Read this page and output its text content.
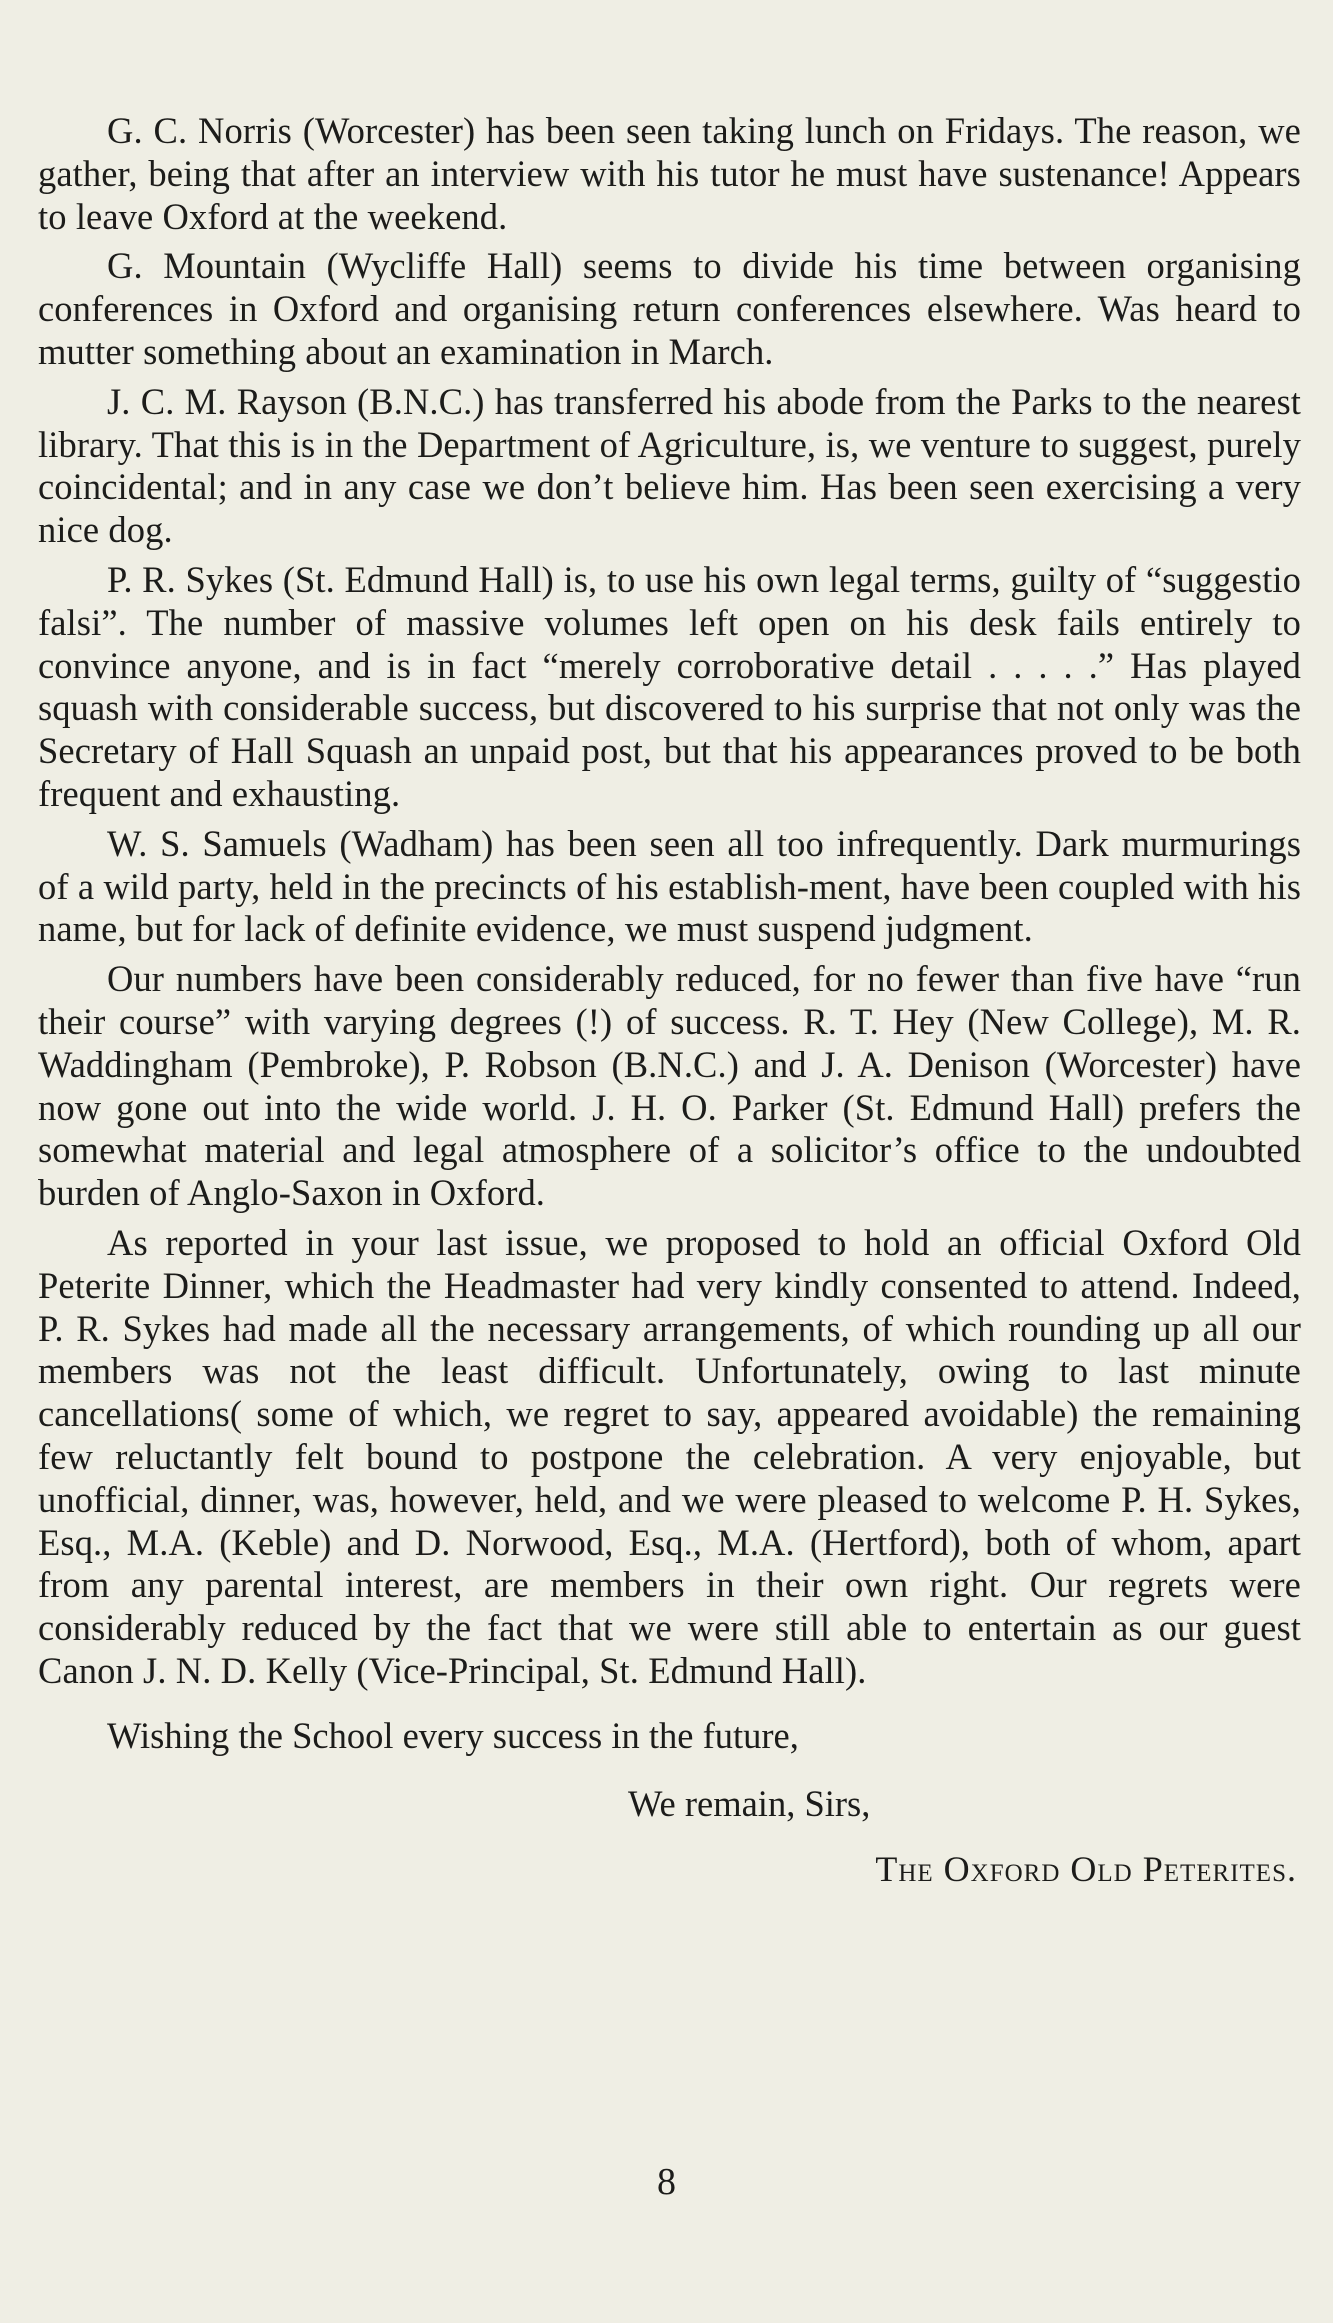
G. C. Norris (Worcester) has been seen taking lunch on Fridays. The reason, we gather, being that after an interview with his tutor he must have sustenance! Appears to leave Oxford at the weekend.

G. Mountain (Wycliffe Hall) seems to divide his time between organising conferences in Oxford and organising return conferences elsewhere. Was heard to mutter something about an examination in March.

J. C. M. Rayson (B.N.C.) has transferred his abode from the Parks to the nearest library. That this is in the Department of Agriculture, is, we venture to suggest, purely coincidental; and in any case we don’t believe him. Has been seen exercising a very nice dog.

P. R. Sykes (St. Edmund Hall) is, to use his own legal terms, guilty of “suggestio falsi”. The number of massive volumes left open on his desk fails entirely to convince anyone, and is in fact “merely corroborative detail . . . . .” Has played squash with considerable success, but discovered to his surprise that not only was the Secretary of Hall Squash an unpaid post, but that his appearances proved to be both frequent and exhausting.

W. S. Samuels (Wadham) has been seen all too infrequently. Dark murmurings of a wild party, held in the precincts of his establish-ment, have been coupled with his name, but for lack of definite evidence, we must suspend judgment.

Our numbers have been considerably reduced, for no fewer than five have “run their course” with varying degrees (!) of success. R. T. Hey (New College), M. R. Waddingham (Pembroke), P. Robson (B.N.C.) and J. A. Denison (Worcester) have now gone out into the wide world. J. H. O. Parker (St. Edmund Hall) prefers the somewhat material and legal atmosphere of a solicitor’s office to the undoubted burden of Anglo-Saxon in Oxford.

As reported in your last issue, we proposed to hold an official Oxford Old Peterite Dinner, which the Headmaster had very kindly consented to attend. Indeed, P. R. Sykes had made all the necessary arrangements, of which rounding up all our members was not the least difficult. Unfortunately, owing to last minute cancellations( some of which, we regret to say, appeared avoidable) the remaining few reluctantly felt bound to postpone the celebration. A very enjoyable, but unofficial, dinner, was, however, held, and we were pleased to welcome P. H. Sykes, Esq., M.A. (Keble) and D. Norwood, Esq., M.A. (Hertford), both of whom, apart from any parental interest, are members in their own right. Our regrets were considerably reduced by the fact that we were still able to entertain as our guest Canon J. N. D. Kelly (Vice-Principal, St. Edmund Hall).

Wishing the School every success in the future,

We remain, Sirs,

The Oxford Old Peterites.

8
